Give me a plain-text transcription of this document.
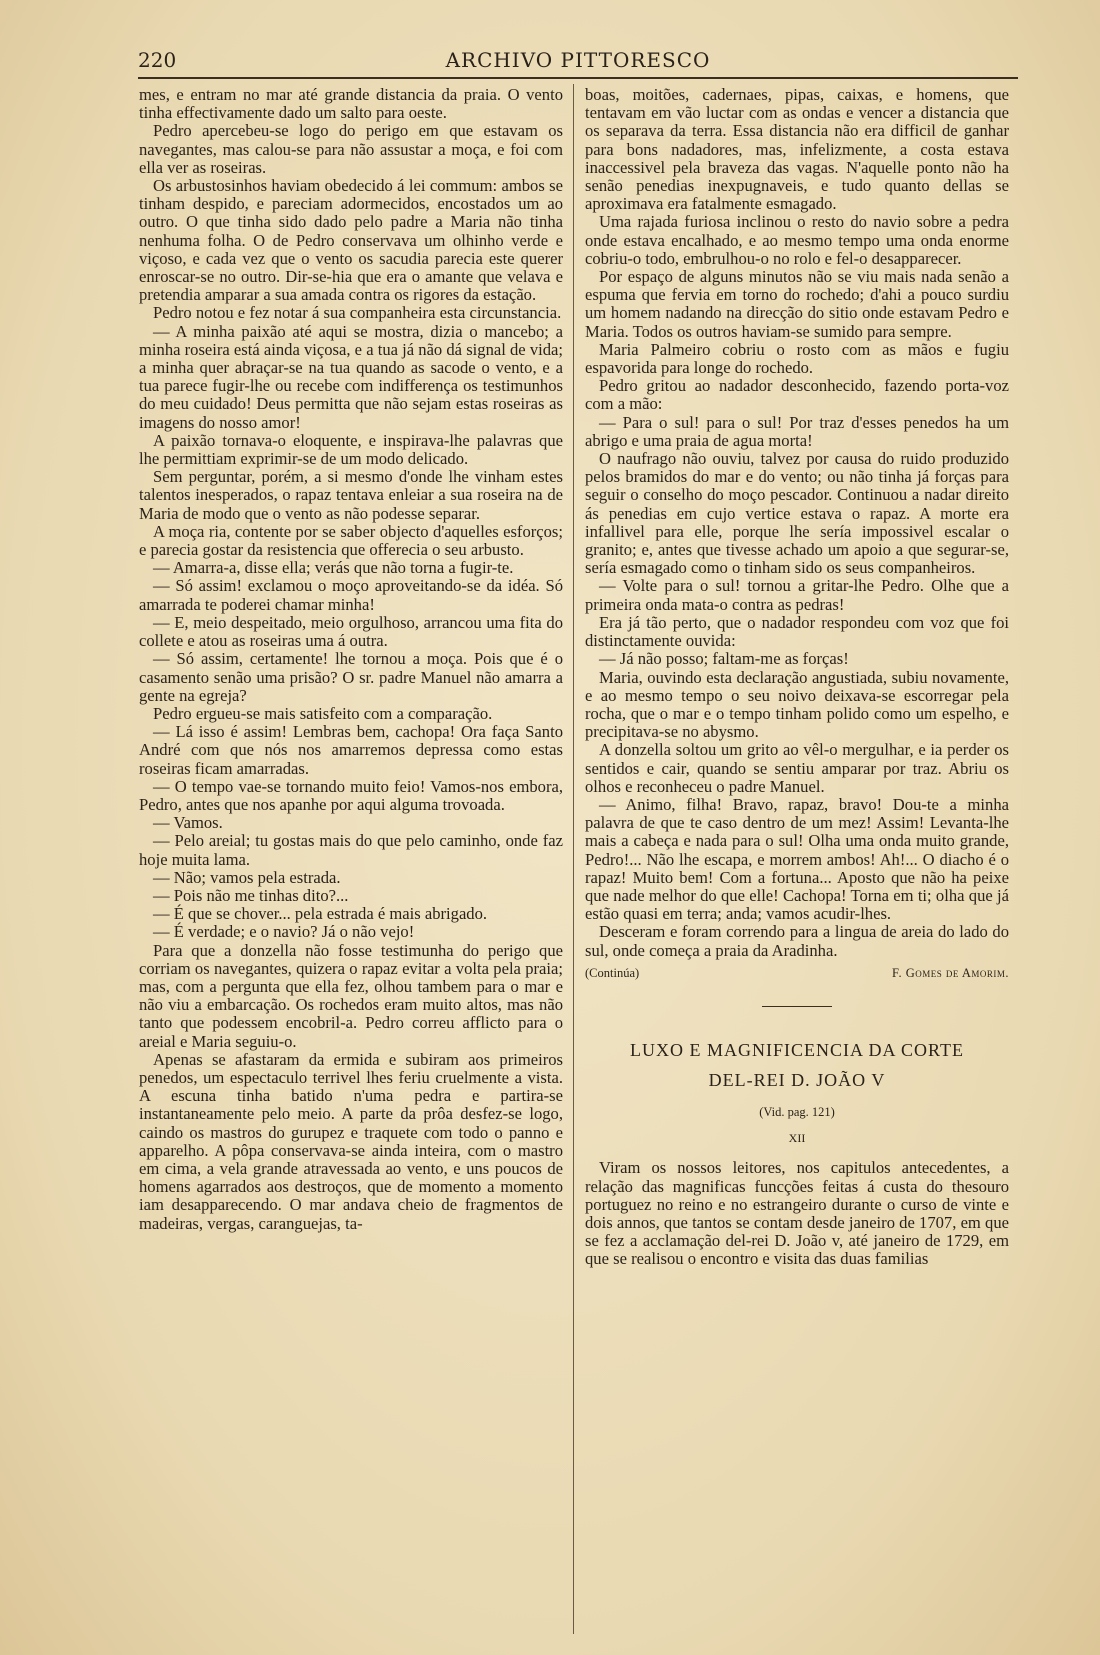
220	ARCHIVO PITTORESCO

mes, e entram no mar até grande distancia da praia. O vento tinha effectivamente dado um salto para oeste.

Pedro apercebeu-se logo do perigo em que estavam os navegantes, mas calou-se para não assustar a moça, e foi com ella ver as roseiras.

Os arbustosinhos haviam obedecido á lei commum: ambos se tinham despido, e pareciam adormecidos, encostados um ao outro. O que tinha sido dado pelo padre a Maria não tinha nenhuma folha. O de Pedro conservava um olhinho verde e viçoso, e cada vez que o vento os sacudia parecia este querer enroscar-se no outro. Dir-se-hia que era o amante que velava e pretendia amparar a sua amada contra os rigores da estação.

Pedro notou e fez notar á sua companheira esta circunstancia.

— A minha paixão até aqui se mostra, dizia o mancebo; a minha roseira está ainda viçosa, e a tua já não dá signal de vida; a minha quer abraçar-se na tua quando as sacode o vento, e a tua parece fugir-lhe ou recebe com indifferença os testimunhos do meu cuidado! Deus permitta que não sejam estas roseiras as imagens do nosso amor!

A paixão tornava-o eloquente, e inspirava-lhe palavras que lhe permittiam exprimir-se de um modo delicado.

Sem perguntar, porém, a si mesmo d'onde lhe vinham estes talentos inesperados, o rapaz tentava enleiar a sua roseira na de Maria de modo que o vento as não podesse separar.

A moça ria, contente por se saber objecto d'aquelles esforços; e parecia gostar da resistencia que offerecia o seu arbusto.

— Amarra-a, disse ella; verás que não torna a fugir-te.

— Só assim! exclamou o moço aproveitando-se da idéa. Só amarrada te poderei chamar minha!

— E, meio despeitado, meio orgulhoso, arrancou uma fita do collete e atou as roseiras uma á outra.

— Só assim, certamente! lhe tornou a moça. Pois que é o casamento senão uma prisão? O sr. padre Manuel não amarra a gente na egreja?

Pedro ergueu-se mais satisfeito com a comparação.

— Lá isso é assim! Lembras bem, cachopa! Ora faça Santo André com que nós nos amarremos depressa como estas roseiras ficam amarradas.

— O tempo vae-se tornando muito feio! Vamos-nos embora, Pedro, antes que nos apanhe por aqui alguma trovoada.

— Vamos.

— Pelo areial; tu gostas mais do que pelo caminho, onde faz hoje muita lama.

— Não; vamos pela estrada.

— Pois não me tinhas dito?...

— É que se chover... pela estrada é mais abrigado.

— É verdade; e o navio? Já o não vejo!

Para que a donzella não fosse testimunha do perigo que corriam os navegantes, quizera o rapaz evitar a volta pela praia; mas, com a pergunta que ella fez, olhou tambem para o mar e não viu a embarcação. Os rochedos eram muito altos, mas não tanto que podessem encobril-a. Pedro correu afflicto para o areial e Maria seguiu-o.

Apenas se afastaram da ermida e subiram aos primeiros penedos, um espectaculo terrivel lhes feriu cruelmente a vista. A escuna tinha batido n'uma pedra e partira-se instantaneamente pelo meio. A parte da prôa desfez-se logo, caindo os mastros do gurupez e traquete com todo o panno e apparelho. A pôpa conservava-se ainda inteira, com o mastro em cima, a vela grande atravessada ao vento, e uns poucos de homens agarrados aos destroços, que de momento a momento iam desapparecendo. O mar andava cheio de fragmentos de madeiras, vergas, caranguejas, ta-

boas, moitões, cadernaes, pipas, caixas, e homens, que tentavam em vão luctar com as ondas e vencer a distancia que os separava da terra. Essa distancia não era difficil de ganhar para bons nadadores, mas, infelizmente, a costa estava inaccessivel pela braveza das vagas. N'aquelle ponto não ha senão penedias inexpugnaveis, e tudo quanto dellas se aproximava era fatalmente esmagado.

Uma rajada furiosa inclinou o resto do navio sobre a pedra onde estava encalhado, e ao mesmo tempo uma onda enorme cobriu-o todo, embrulhou-o no rolo e fel-o desapparecer.

Por espaço de alguns minutos não se viu mais nada senão a espuma que fervia em torno do rochedo; d'ahi a pouco surdiu um homem nadando na direcção do sitio onde estavam Pedro e Maria. Todos os outros haviam-se sumido para sempre.

Maria Palmeiro cobriu o rosto com as mãos e fugiu espavorida para longe do rochedo.

Pedro gritou ao nadador desconhecido, fazendo porta-voz com a mão:

— Para o sul! para o sul! Por traz d'esses penedos ha um abrigo e uma praia de agua morta!

O naufrago não ouviu, talvez por causa do ruido produzido pelos bramidos do mar e do vento; ou não tinha já forças para seguir o conselho do moço pescador. Continuou a nadar direito ás penedias em cujo vertice estava o rapaz. A morte era infallivel para elle, porque lhe sería impossivel escalar o granito; e, antes que tivesse achado um apoio a que segurar-se, sería esmagado como o tinham sido os seus companheiros.

— Volte para o sul! tornou a gritar-lhe Pedro. Olhe que a primeira onda mata-o contra as pedras!

Era já tão perto, que o nadador respondeu com voz que foi distinctamente ouvida:

— Já não posso; faltam-me as forças!

Maria, ouvindo esta declaração angustiada, subiu novamente, e ao mesmo tempo o seu noivo deixava-se escorregar pela rocha, que o mar e o tempo tinham polido como um espelho, e precipitava-se no abysmo.

A donzella soltou um grito ao vêl-o mergulhar, e ia perder os sentidos e cair, quando se sentiu amparar por traz. Abriu os olhos e reconheceu o padre Manuel.

— Animo, filha! Bravo, rapaz, bravo! Dou-te a minha palavra de que te caso dentro de um mez! Assim! Levanta-lhe mais a cabeça e nada para o sul! Olha uma onda muito grande, Pedro!... Não lhe escapa, e morrem ambos! Ah!... O diacho é o rapaz! Muito bem! Com a fortuna... Aposto que não ha peixe que nade melhor do que elle! Cachopa! Torna em ti; olha que já estão quasi em terra; anda; vamos acudir-lhes.

Desceram e foram correndo para a lingua de areia do lado do sul, onde começa a praia da Aradinha.

(Continúa)	F. Gomes de Amorim.
LUXO E MAGNIFICENCIA DA CORTE
DEL-REI D. JOÃO V
(Vid. pag. 121)
XII

Viram os nossos leitores, nos capitulos antecedentes, a relação das magnificas funcções feitas á custa do thesouro portuguez no reino e no estrangeiro durante o curso de vinte e dois annos, que tantos se contam desde janeiro de 1707, em que se fez a acclamação del-rei D. João v, até janeiro de 1729, em que se realisou o encontro e visita das duas familias
